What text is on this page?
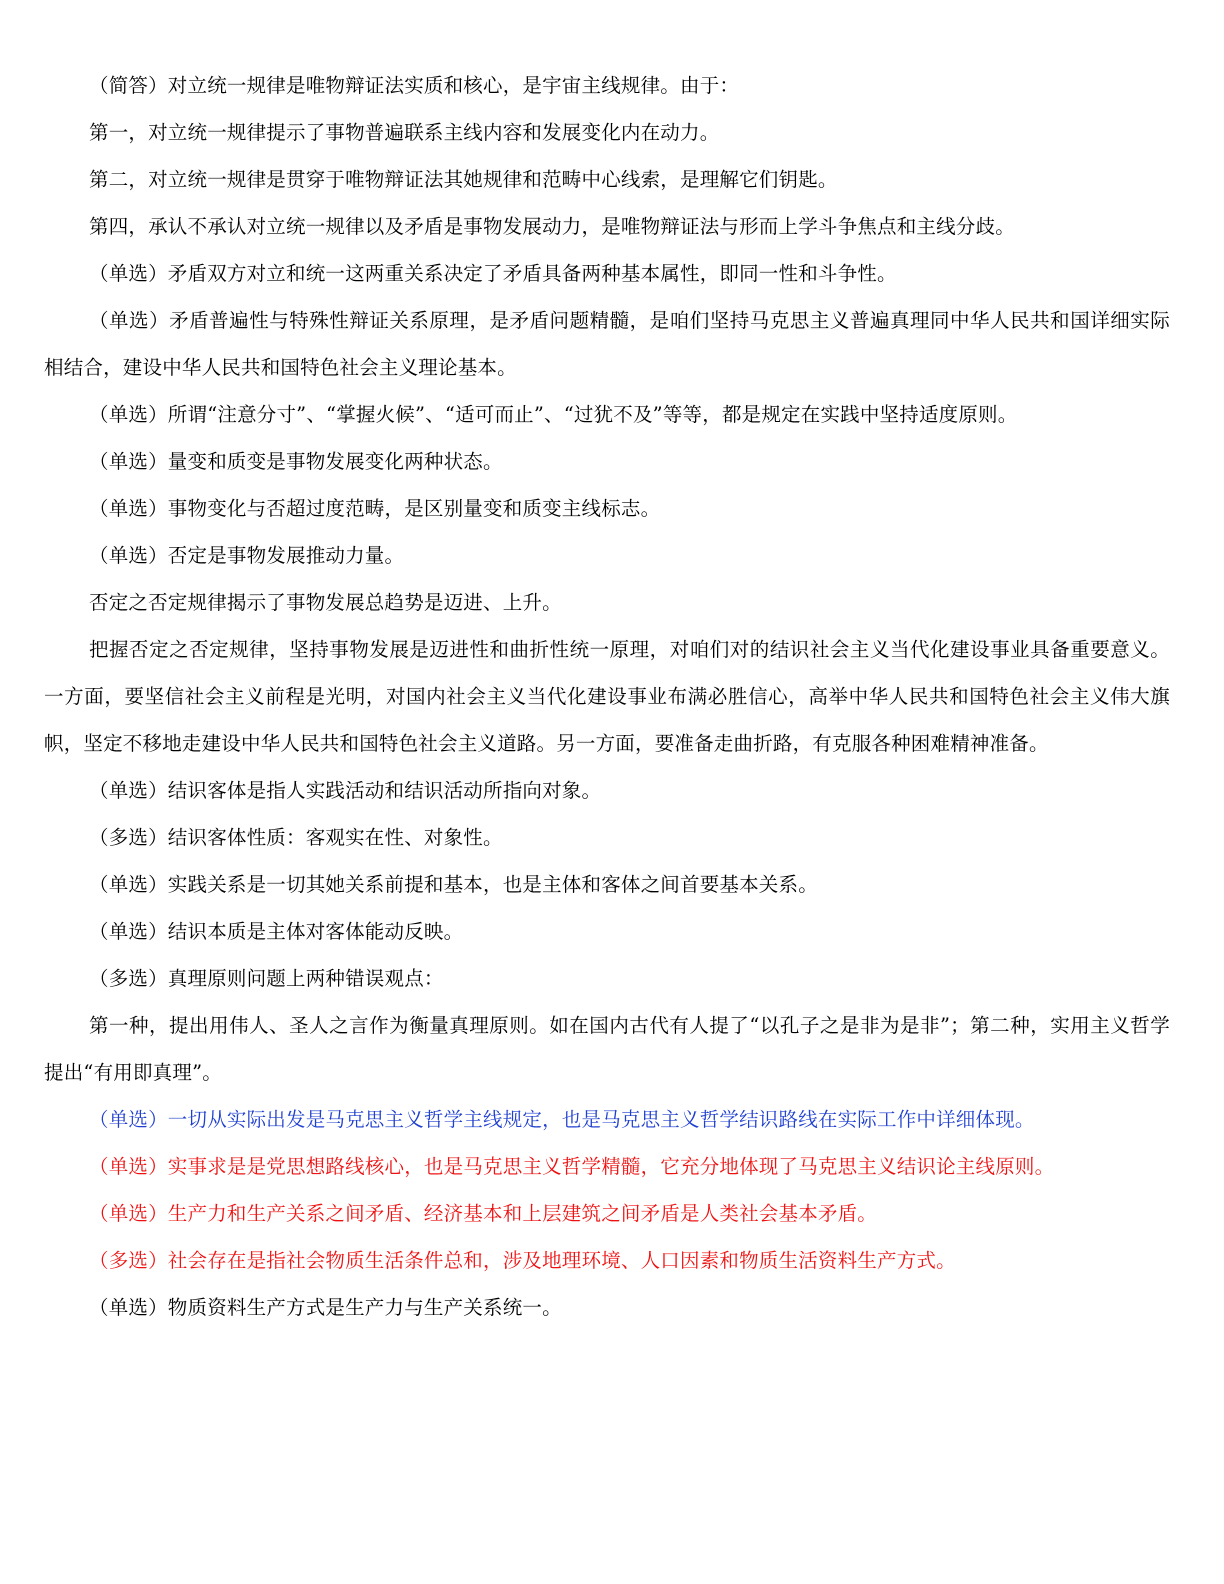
（简答）对立统一规律是唯物辩证法实质和核心，是宇宙主线规律。由于：

第一，对立统一规律提示了事物普遍联系主线内容和发展变化内在动力。

第二，对立统一规律是贯穿于唯物辩证法其她规律和范畴中心线索，是理解它们钥匙。

第四，承认不承认对立统一规律以及矛盾是事物发展动力，是唯物辩证法与形而上学斗争焦点和主线分歧。

（单选）矛盾双方对立和统一这两重关系决定了矛盾具备两种基本属性，即同一性和斗争性。

（单选）矛盾普遍性与特殊性辩证关系原理，是矛盾问题精髓，是咱们坚持马克思主义普遍真理同中华人民共和国详细实际相结合，建设中华人民共和国特色社会主义理论基本。

（单选）所谓“注意分寸”、“掌握火候”、“适可而止”、“过犹不及”等等，都是规定在实践中坚持适度原则。

（单选）量变和质变是事物发展变化两种状态。

（单选）事物变化与否超过度范畴，是区别量变和质变主线标志。

（单选）否定是事物发展推动力量。

否定之否定规律揭示了事物发展总趋势是迈进、上升。

把握否定之否定规律，坚持事物发展是迈进性和曲折性统一原理，对咱们对的结识社会主义当代化建设事业具备重要意义。一方面，要坚信社会主义前程是光明，对国内社会主义当代化建设事业布满必胜信心，高举中华人民共和国特色社会主义伟大旗帜，坚定不移地走建设中华人民共和国特色社会主义道路。另一方面，要准备走曲折路，有克服各种困难精神准备。

（单选）结识客体是指人实践活动和结识活动所指向对象。

（多选）结识客体性质：客观实在性、对象性。

（单选）实践关系是一切其她关系前提和基本，也是主体和客体之间首要基本关系。

（单选）结识本质是主体对客体能动反映。

（多选）真理原则问题上两种错误观点：

第一种，提出用伟人、圣人之言作为衡量真理原则。如在国内古代有人提了“以孔子之是非为是非”；第二种，实用主义哲学提出“有用即真理”。

（单选）一切从实际出发是马克思主义哲学主线规定，也是马克思主义哲学结识路线在实际工作中详细体现。

（单选）实事求是是党思想路线核心，也是马克思主义哲学精髓，它充分地体现了马克思主义结识论主线原则。

（单选）生产力和生产关系之间矛盾、经济基本和上层建筑之间矛盾是人类社会基本矛盾。

（多选）社会存在是指社会物质生活条件总和，涉及地理环境、人口因素和物质生活资料生产方式。

（单选）物质资料生产方式是生产力与生产关系统一。
